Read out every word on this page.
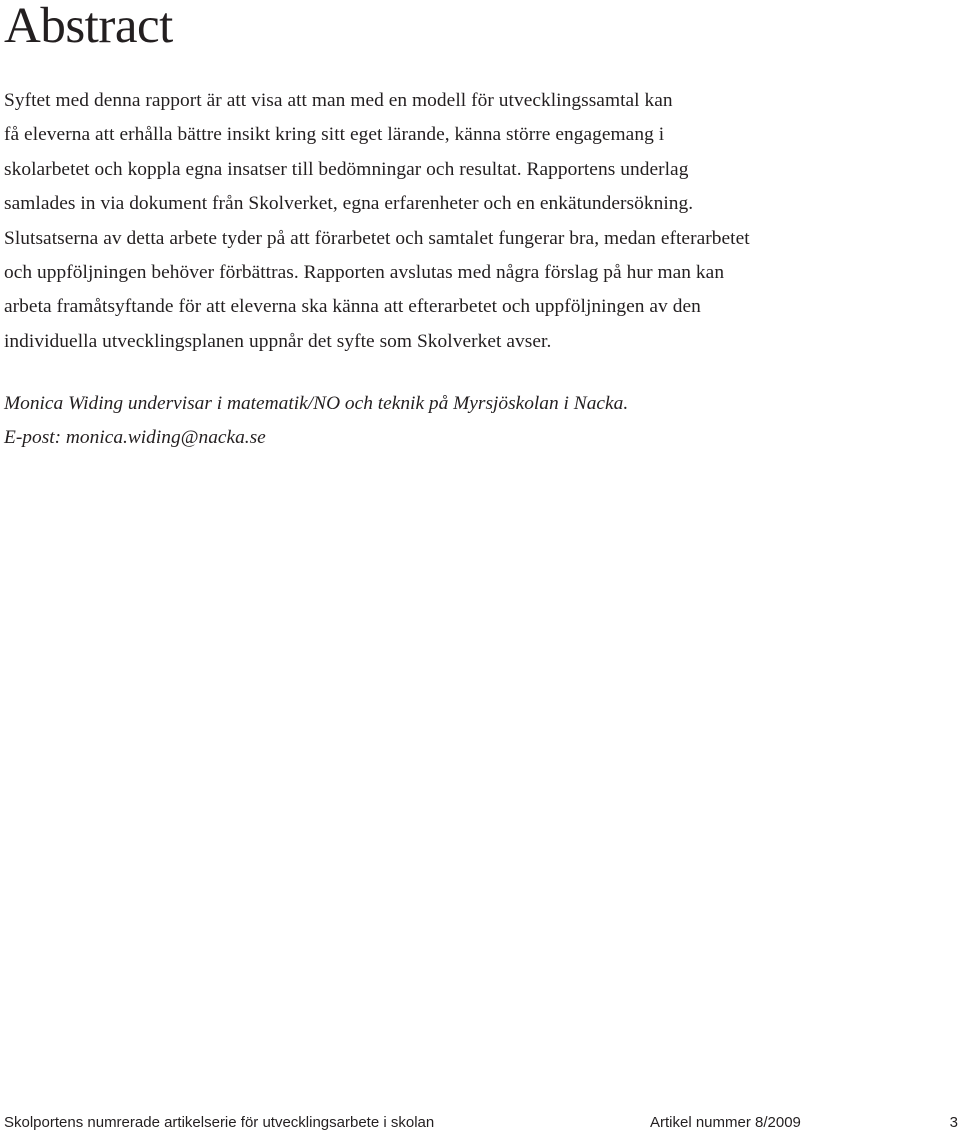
Abstract

Syftet med denna rapport är att visa att man med en modell för utvecklingssamtal kan
få eleverna att erhålla bättre insikt kring sitt eget lärande, känna större engagemang i
skolarbetet och koppla egna insatser till bedömningar och resultat. Rapportens underlag
samlades in via dokument från Skolverket, egna erfarenheter och en enkätundersökning.
Slutsatserna av detta arbete tyder på att förarbetet och samtalet fungerar bra, medan efterarbetet
och uppföljningen behöver förbättras. Rapporten avslutas med några förslag på hur man kan
arbeta framåtsyftande för att eleverna ska känna att efterarbetet och uppföljningen av den
individuella utvecklingsplanen uppnår det syfte som Skolverket avser.

Monica Widing undervisar i matematik/NO och teknik på Myrsjöskolan i Nacka.
E-post: monica.widing@nacka.se

Skolportens numrerade artikelserie för utvecklingsarbete i skolan	Artikel nummer 8/2009	3
